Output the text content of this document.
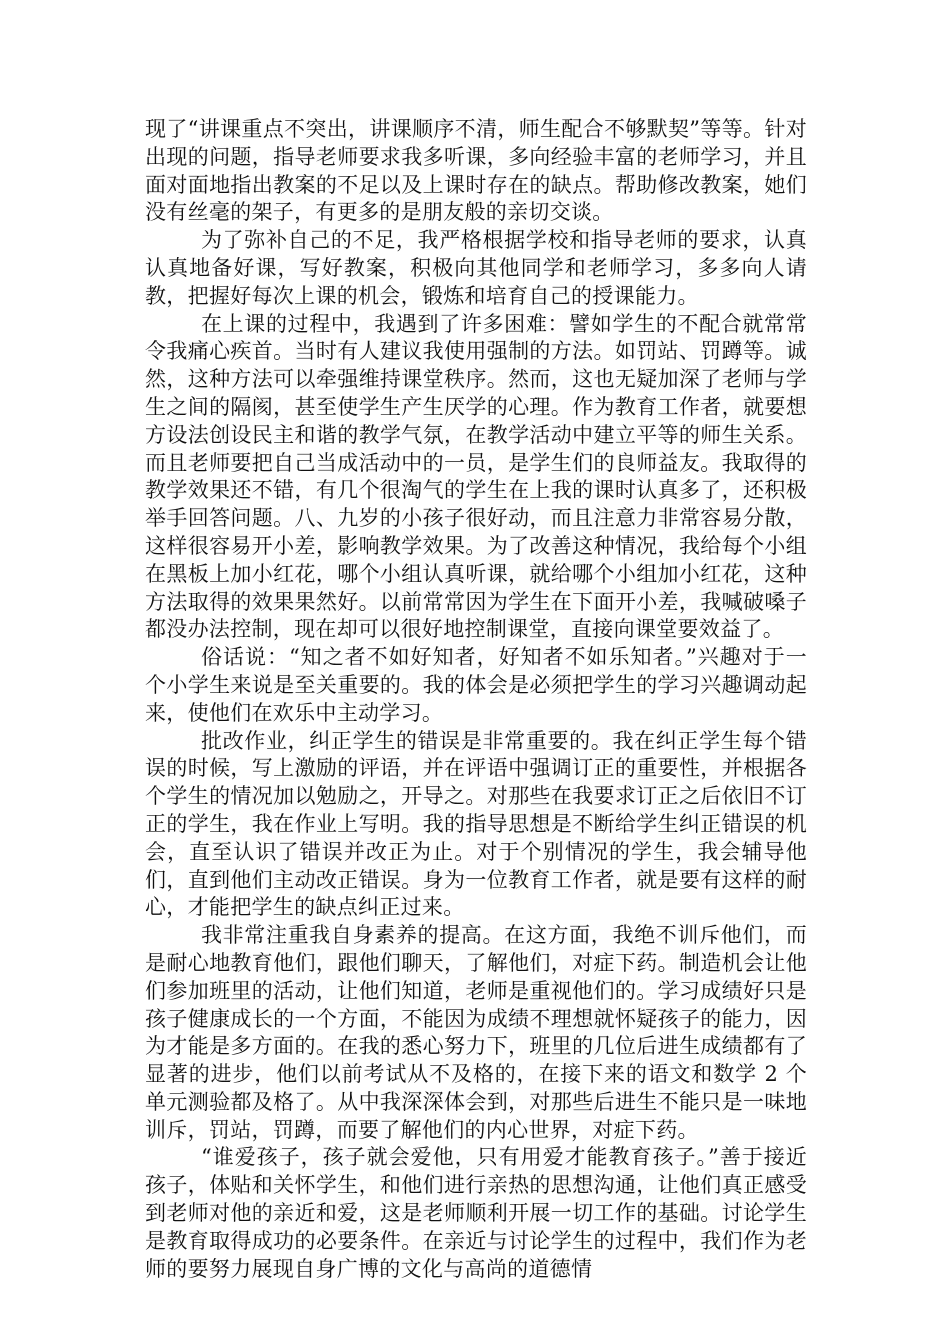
现了“讲课重点不突出，讲课顺序不清，师生配合不够默契”等等。针对出现的问题，指导老师要求我多听课，多向经验丰富的老师学习，并且面对面地指出教案的不足以及上课时存在的缺点。帮助修改教案，她们没有丝毫的架子，有更多的是朋友般的亲切交谈。

为了弥补自己的不足，我严格根据学校和指导老师的要求，认真认真地备好课，写好教案，积极向其他同学和老师学习，多多向人请教，把握好每次上课的机会，锻炼和培育自己的授课能力。

在上课的过程中，我遇到了许多困难：譬如学生的不配合就常常令我痛心疾首。当时有人建议我使用强制的方法。如罚站、罚蹲等。诚然，这种方法可以牵强维持课堂秩序。然而，这也无疑加深了老师与学生之间的隔阂，甚至使学生产生厌学的心理。作为教育工作者，就要想方设法创设民主和谐的教学气氛，在教学活动中建立平等的师生关系。而且老师要把自己当成活动中的一员，是学生们的良师益友。我取得的教学效果还不错，有几个很淘气的学生在上我的课时认真多了，还积极举手回答问题。八、九岁的小孩子很好动，而且注意力非常容易分散，这样很容易开小差，影响教学效果。为了改善这种情况，我给每个小组在黑板上加小红花，哪个小组认真听课，就给哪个小组加小红花，这种方法取得的效果果然好。以前常常因为学生在下面开小差，我喊破嗓子都没办法控制，现在却可以很好地控制课堂，直接向课堂要效益了。

俗话说：“知之者不如好知者，好知者不如乐知者。”兴趣对于一个小学生来说是至关重要的。我的体会是必须把学生的学习兴趣调动起来，使他们在欢乐中主动学习。

批改作业，纠正学生的错误是非常重要的。我在纠正学生每个错误的时候，写上激励的评语，并在评语中强调订正的重要性，并根据各个学生的情况加以勉励之，开导之。对那些在我要求订正之后依旧不订正的学生，我在作业上写明。我的指导思想是不断给学生纠正错误的机会，直至认识了错误并改正为止。对于个别情况的学生，我会辅导他们，直到他们主动改正错误。身为一位教育工作者，就是要有这样的耐心，才能把学生的缺点纠正过来。

我非常注重我自身素养的提高。在这方面，我绝不训斥他们，而是耐心地教育他们，跟他们聊天，了解他们，对症下药。制造机会让他们参加班里的活动，让他们知道，老师是重视他们的。学习成绩好只是孩子健康成长的一个方面，不能因为成绩不理想就怀疑孩子的能力，因为才能是多方面的。在我的悉心努力下，班里的几位后进生成绩都有了显著的进步，他们以前考试从不及格的，在接下来的语文和数学 2 个单元测验都及格了。从中我深深体会到，对那些后进生不能只是一味地训斥，罚站，罚蹲，而要了解他们的内心世界，对症下药。

“谁爱孩子，孩子就会爱他，只有用爱才能教育孩子。”善于接近孩子，体贴和关怀学生，和他们进行亲热的思想沟通，让他们真正感受到老师对他的亲近和爱，这是老师顺利开展一切工作的基础。讨论学生是教育取得成功的必要条件。在亲近与讨论学生的过程中，我们作为老师的要努力展现自身广博的文化与高尚的道德情
